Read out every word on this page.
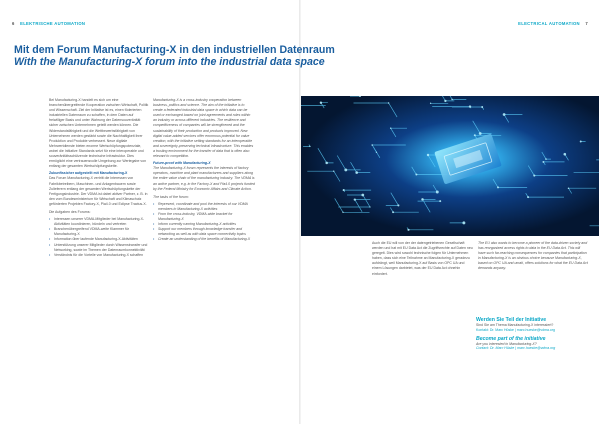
6 ELEKTRISCHE AUTOMATION	ELECTRICAL AUTOMATION 7
Mit dem Forum Manufacturing-X in den industriellen Datenraum
With the Manufacturing-X forum into the industrial data space

Bei Manufacturing-X handelt es sich um eine branchenübergreifende Kooperation zwischen Wirtschaft, Politik und Wissenschaft. Ziel der Initiative ist es, einen föderierten industriellen Datenraum zu schaffen, in dem Daten auf freiwilliger Basis und unter Wahrung der Datensouveränität sicher zwischen Unternehmen geteilt werden können. Die Widerstandsfähigkeit und die Wettbewerbsfähigkeit von Unternehmen werden gestärkt sowie die Nachhaltigkeit ihrer Produktion und Produkte verbessert. Neue digitale Mehrwertdienste bieten enorme Wertschöpfungspotenziale, wobei die Initiative Standards setzt für eine interoperable und souveränitätsschützende technische Infrastruktur. Dies ermöglicht eine vertrauensvolle Umgebung zur Wertegabe von entlang der gesamten Wertschöpfungskette.

Zukunftssicher aufgestellt mit Manufacturing-X

Das Forum Manufacturing-X vertritt die Interessen von Fabrikbetreibern, Maschinen- und Anlagenbauern sowie Zulieferern entlang der gesamten Wertschöpfungskette der Fertigungsindustrie. Der VDMA ist dabei aktiver Partner, z. B. in den vom Bundesministerium für Wirtschaft und Klimaschutz geförderten Projekten Factory-X, Pia4.0 und Eclipse Tractus-X.

Die Aufgaben des Forums:

• Interessen unserer VDMA-Mitglieder bei Manufacturing-X-Aktivitäten koordinieren, bündeln und vertreten
• Branchenübergreifend VDMA-weite Klammer für Manufacturing-X
• Information über laufende Manufacturing-X-Aktivitäten
• Unterstützung unserer Mitglieder durch Wissenstransfer und Networking, sowie im Themen der Datenraumkonnektivität
• Verständnis für die Vorteile von Manufacturing-X schaffen

Manufacturing-X is a cross-industry cooperation between business, politics and science. The aim of the initiative is to create a federated industrial data space in which data can be used or exchanged based on joint agreements and rules within an industry or across different industries. The resilience and competitiveness of companies will be strengthened and the sustainability of their production and products improved. New digital value-added services offer enormous potential for value creation, with the initiative setting standards for an interoperable and sovereignty-preserving technical infrastructure. This enables a trusting environment for the transfer of data that is often also relevant to competition.

Future-proof with Manufacturing-X

The Manufacturing-X forum represents the interests of factory operators, machine and plant manufacturers and suppliers along the entire value chain of the manufacturing industry. The VDMA is an active partner, e.g. in the Factory-X and Pia4.0 projects funded by the Federal Ministry for Economic Affairs and Climate Action.

The tasks of the forum:

• Represent, coordinate and pool the interests of our VDMA members in Manufacturing-X activities
• From the cross-industry, VDMA-wide bracket for Manufacturing-X
• Inform currently running Manufacturing-X activities
• Support our members through knowledge transfer and networking as well as with data space connectivity topics
• Create an understanding of the benefits of Manufacturing-X

Auch die EU will von der der datengetriebenen Gesellschaft werden und hat mit EU Data Act die Zugriffsrechte auf Daten neu geregelt. Dies wird sowohl technische folgen für Unternehmen haben, dass sich eine Teilnahme an Manufacturing-X geradezu aufdrängt, weil Manufacturing-X auf Basis von OPC UA und einem Lösungen darbietet, was der EU Data Act ohnehin einfordert.

The EU also wants to become a pioneer of the data-driven society and has reorganized access rights to data in the EU Data Act. This will have such far-reaching consequences for companies that participation in Manufacturing-X is an obvious choice because Manufacturing-X, based on OPC UA and umati, offers solutions for what the EU Data Act demands anyway.

Werden Sie Teil der Initiative
Sind Sie am Thema Manufacturing-X interessiert?
Kontakt: Dr. Marc Hüske | marc.hueske@vdma.org
Become part of the initiative
Are you interested in Manufacturing-X?
Contact: Dr. Marc Hüske | marc.hueske@vdma.org
